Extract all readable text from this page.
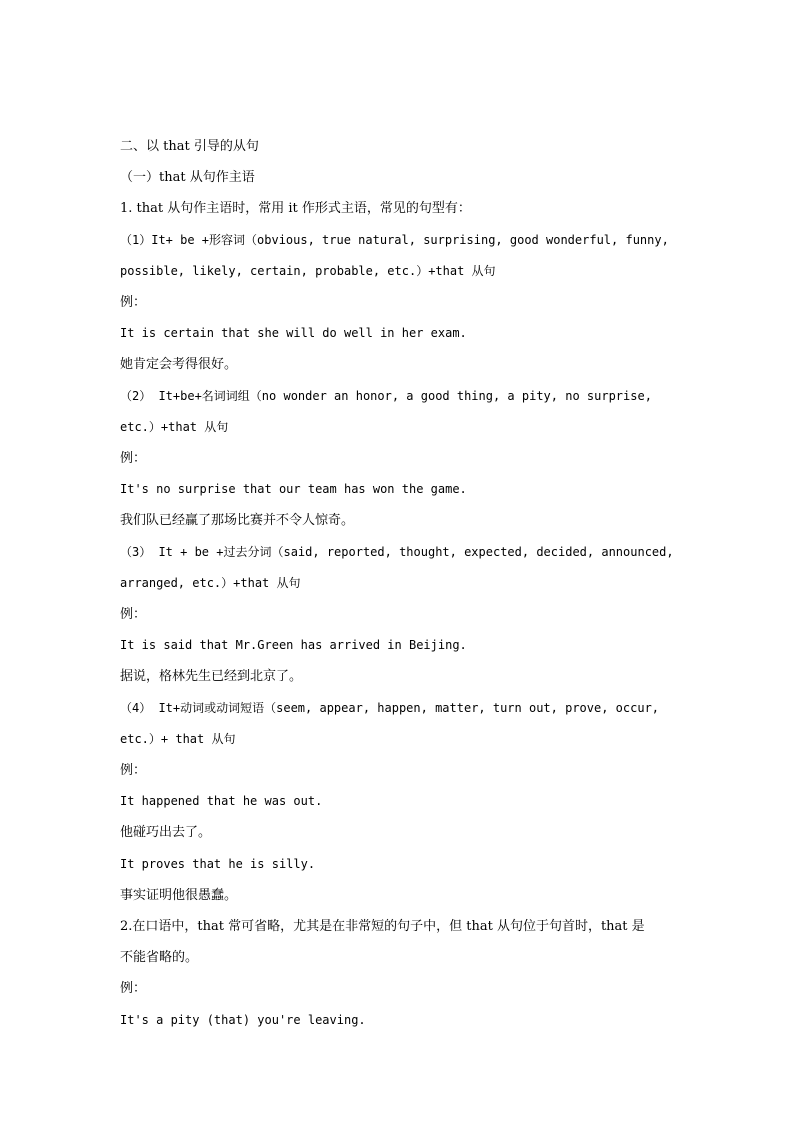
二、以 that 引导的从句
（一）that 从句作主语
1. that 从句作主语时，常用 it 作形式主语，常见的句型有：
（1）It+ be +形容词（obvious, true natural, surprising, good wonderful, funny,
possible, likely, certain, probable, etc.）+that 从句
例：
It is certain that she will do well in her exam.
她肯定会考得很好。
（2） It+be+名词词组（no wonder an honor, a good thing, a pity, no surprise,
etc.）+that 从句
例：
It's no surprise that our team has won the game.
我们队已经赢了那场比赛并不令人惊奇。
（3） It + be +过去分词（said, reported, thought, expected, decided, announced,
arranged, etc.）+that 从句
例：
It is said that Mr.Green has arrived in Beijing.
据说，格林先生已经到北京了。
（4） It+动词或动词短语（seem, appear, happen, matter, turn out, prove, occur,
etc.）+ that 从句
例：
It happened that he was out.
他碰巧出去了。
It proves that he is silly.
事实证明他很愚蠢。
2.在口语中，that 常可省略，尤其是在非常短的句子中，但 that 从句位于句首时，that 是
不能省略的。
例：
It's a pity (that) you're leaving.
